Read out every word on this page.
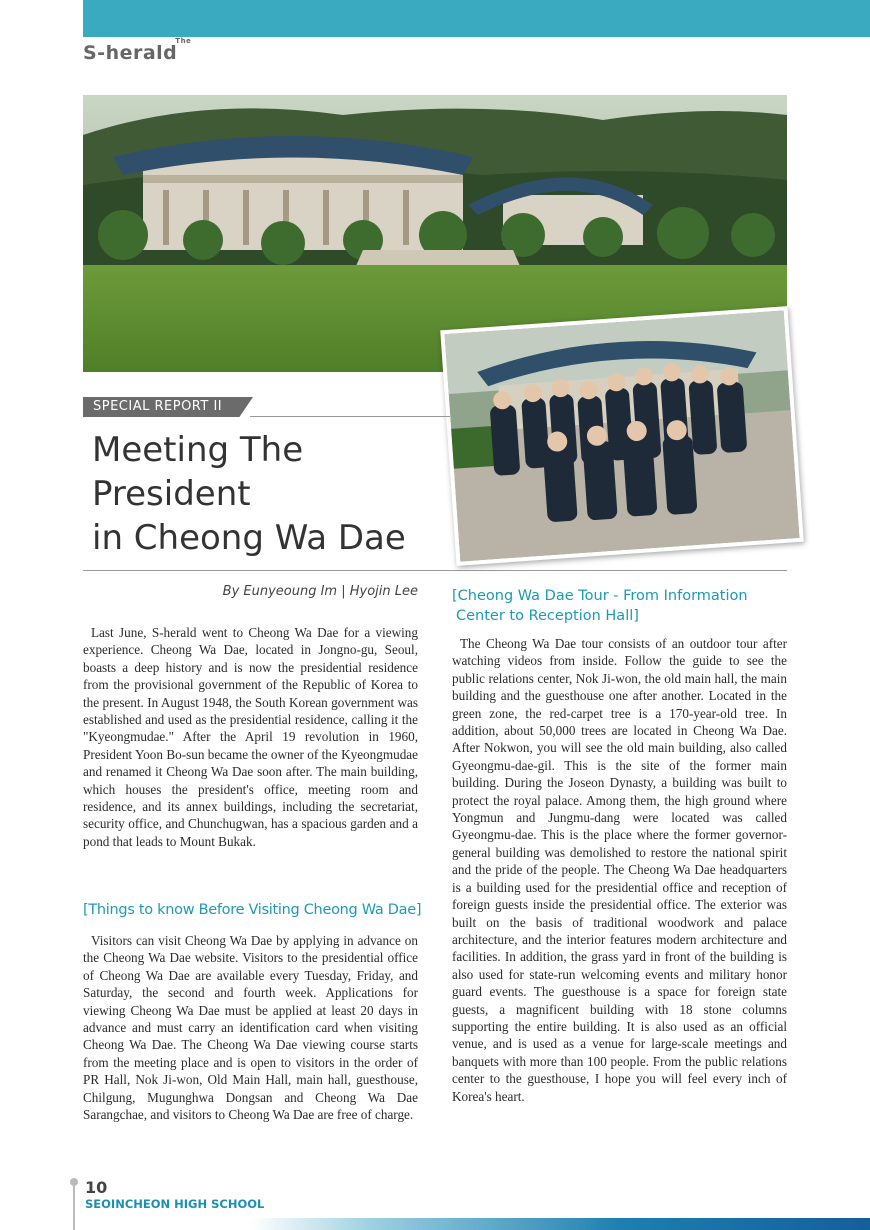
S-herald$^{The}$
SPECIAL REPORT II
Meeting The
President
in Cheong Wa Dae
By Eunyeoung Im | Hyojin Lee

Last June, S-herald went to Cheong Wa Dae for a viewing experience. Cheong Wa Dae, located in Jongno-gu, Seoul, boasts a deep history and is now the presidential residence from the provisional government of the Republic of Korea to the present. In August 1948, the South Korean government was established and used as the presidential residence, calling it the "Kyeongmudae." After the April 19 revolution in 1960, President Yoon Bo-sun became the owner of the Kyeongmudae and renamed it Cheong Wa Dae soon after. The main building, which houses the president's office, meeting room and residence, and its annex buildings, including the secretariat, security office, and Chunchugwan, has a spacious garden and a pond that leads to Mount Bukak.

[Things to know Before Visiting Cheong Wa Dae]

Visitors can visit Cheong Wa Dae by applying in advance on the Cheong Wa Dae website. Visitors to the presidential office of Cheong Wa Dae are available every Tuesday, Friday, and Saturday, the second and fourth week. Applications for viewing Cheong Wa Dae must be applied at least 20 days in advance and must carry an identification card when visiting Cheong Wa Dae. The Cheong Wa Dae viewing course starts from the meeting place and is open to visitors in the order of PR Hall, Nok Ji-won, Old Main Hall, main hall, guesthouse, Chilgung, Mugunghwa Dongsan and Cheong Wa Dae Sarangchae, and visitors to Cheong Wa Dae are free of charge.

[Cheong Wa Dae Tour - From Information
Center to Reception Hall]

The Cheong Wa Dae tour consists of an outdoor tour after watching videos from inside. Follow the guide to see the public relations center, Nok Ji-won, the old main hall, the main building and the guesthouse one after another. Located in the green zone, the red-carpet tree is a 170-year-old tree. In addition, about 50,000 trees are located in Cheong Wa Dae. After Nokwon, you will see the old main building, also called Gyeongmu-dae-gil. This is the site of the former main building. During the Joseon Dynasty, a building was built to protect the royal palace. Among them, the high ground where Yongmun and Jungmu-dang were located was called Gyeongmu-dae. This is the place where the former governor-general building was demolished to restore the national spirit and the pride of the people. The Cheong Wa Dae headquarters is a building used for the presidential office and reception of foreign guests inside the presidential office. The exterior was built on the basis of traditional woodwork and palace architecture, and the interior features modern architecture and facilities. In addition, the grass yard in front of the building is also used for state-run welcoming events and military honor guard events. The guesthouse is a space for foreign state guests, a magnificent building with 18 stone columns supporting the entire building. It is also used as an official venue, and is used as a venue for large-scale meetings and banquets with more than 100 people. From the public relations center to the guesthouse, I hope you will feel every inch of Korea's heart.

10
SEOINCHEON HIGH SCHOOL
